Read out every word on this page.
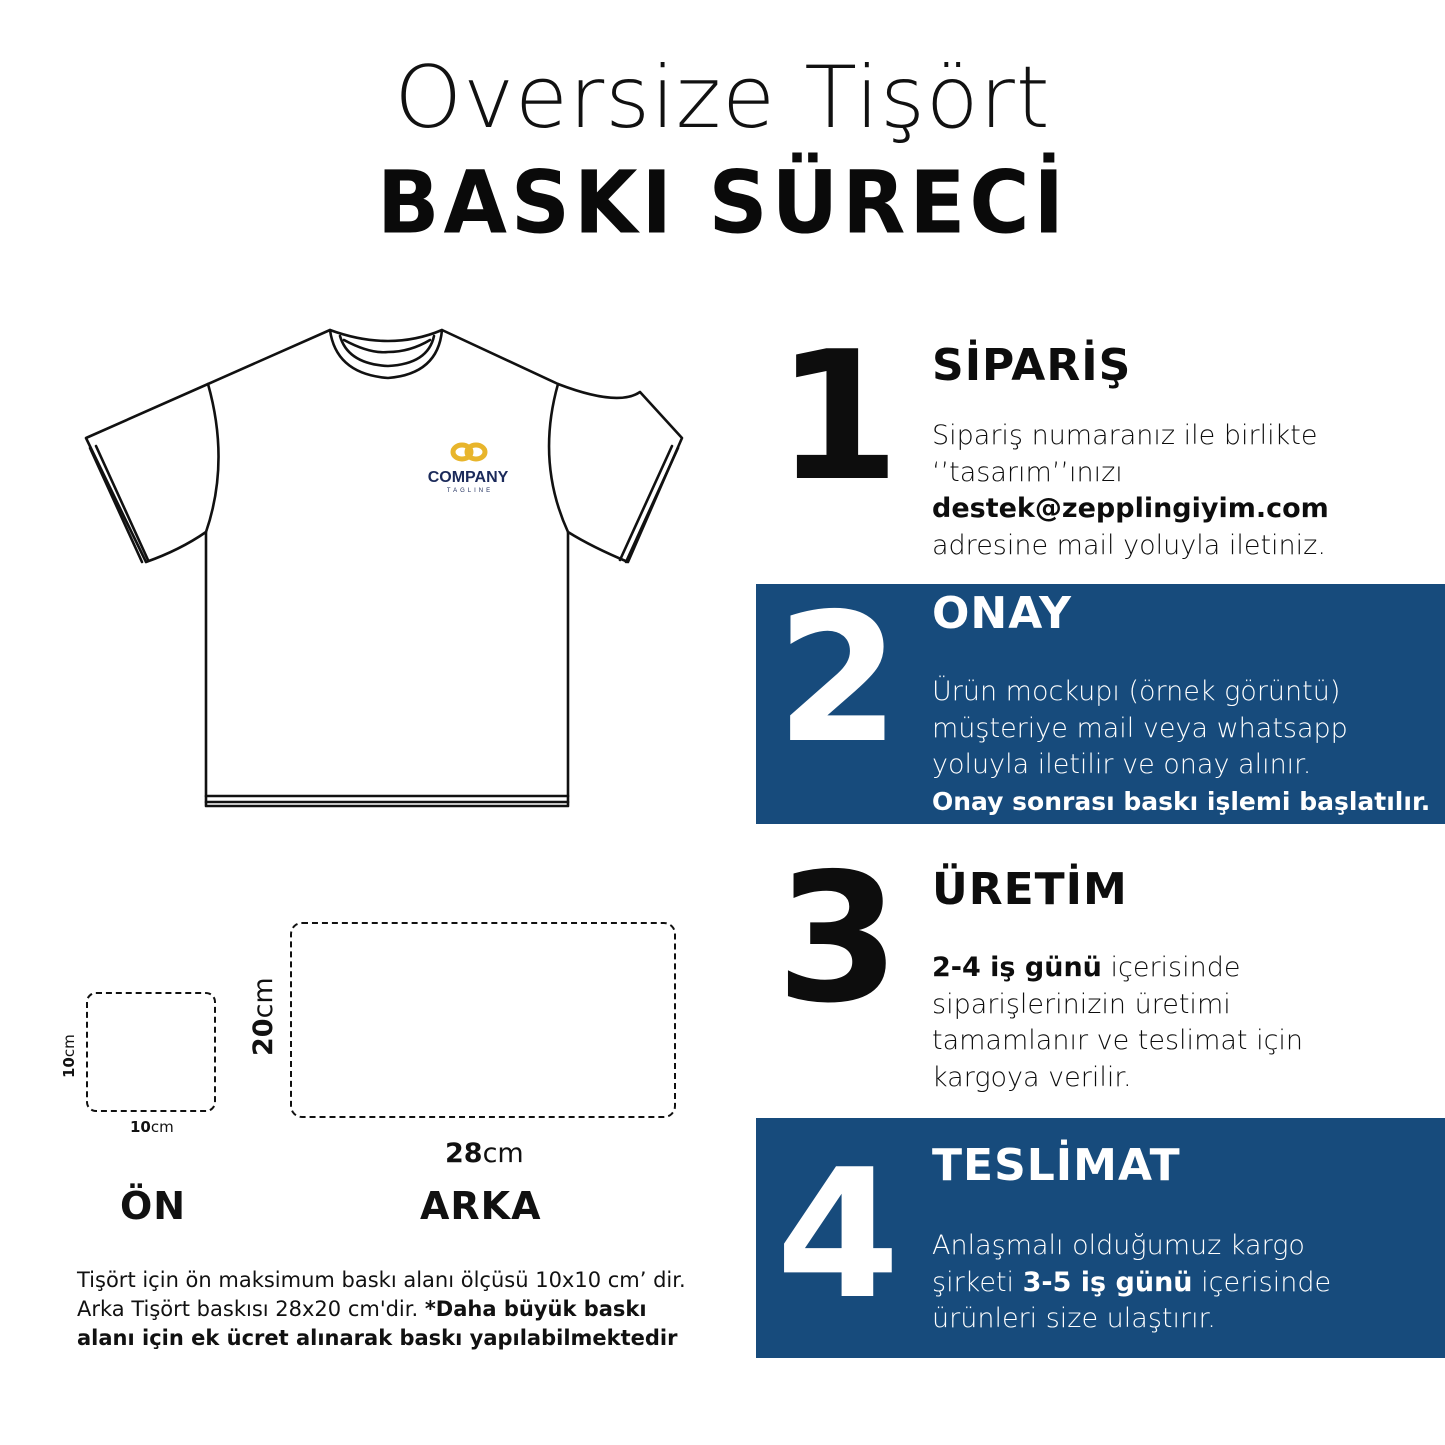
Oversize Tişört
BASKI SÜRECİ
COMPANY
TAGLINE
10cm
10cm
28cm
20cm
ÖN	ARKA
Tişört için ön maksimum baskı alanı ölçüsü 10x10 cm’ dir. Arka Tişört baskısı 28x20 cm'dir. *Daha büyük baskı alanı için ek ücret alınarak baskı yapılabilmektedir
1 SİPARİŞ
Sipariş numaranız ile birlikte
‘’tasarım’’ınızı
destek@zepplingiyim.com
adresine mail yoluyla iletiniz.
2 ONAY
Ürün mockupı (örnek görüntü)
müşteriye mail veya whatsapp
yoluyla iletilir ve onay alınır.
Onay sonrası baskı işlemi başlatılır.
3 ÜRETİM
2-4 iş günü içerisinde
siparişlerinizin üretimi
tamamlanır ve teslimat için
kargoya verilir.
4 TESLİMAT
Anlaşmalı olduğumuz kargo
şirketi 3-5 iş günü içerisinde
ürünleri size ulaştırır.
